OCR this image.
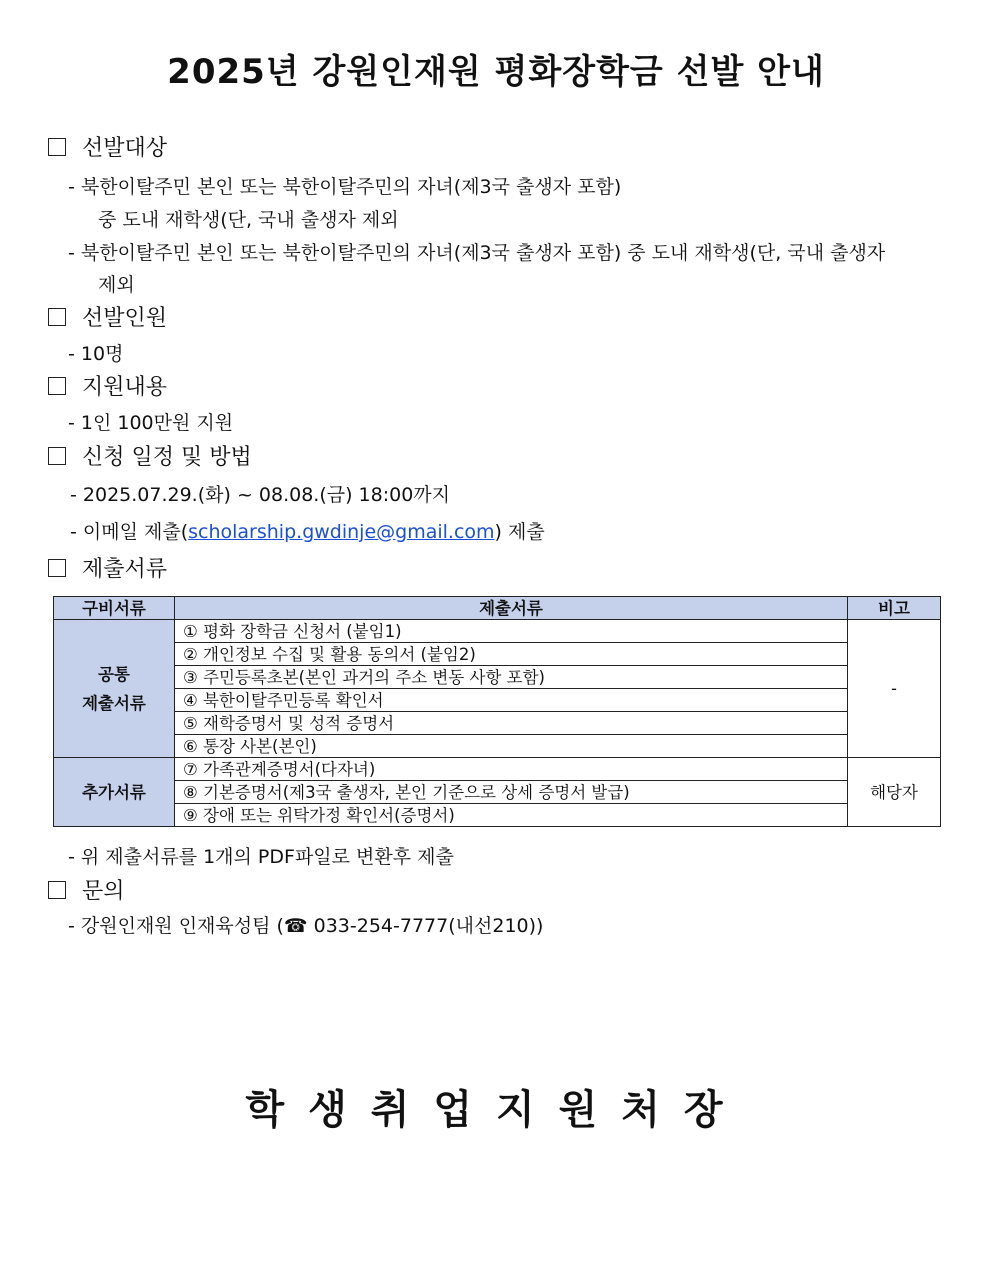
2025년 강원인재원 평화장학금 선발 안내
선발대상
- 북한이탈주민 본인 또는 북한이탈주민의 자녀(제3국 출생자 포함)
중 도내 재학생(단, 국내 출생자 제외
- 북한이탈주민 본인 또는 북한이탈주민의 자녀(제3국 출생자 포함) 중 도내 재학생(단, 국내 출생자
제외
선발인원
- 10명
지원내용
- 1인 100만원 지원
신청 일정 및 방법
- 2025.07.29.(화) ~ 08.08.(금) 18:00까지
- 이메일 제출(scholarship.gwdinje@gmail.com) 제출
제출서류
구비서류	제출서류	비고

공통
제출서류	① 평화 장학금 신청서 (붙임1)	-
	② 개인정보 수집 및 활용 동의서 (붙임2)	
	③ 주민등록초본(본인 과거의 주소 변동 사항 포함)	
	④ 북한이탈주민등록 확인서	
	⑤ 재학증명서 및 성적 증명서	
	⑥ 통장 사본(본인)	
추가서류	⑦ 가족관계증명서(다자녀)	해당자
	⑧ 기본증명서(제3국 출생자, 본인 기준으로 상세 증명서 발급)	
	⑨ 장애 또는 위탁가정 확인서(증명서)	
- 위 제출서류를 1개의 PDF파일로 변환후 제출
문의
- 강원인재원 인재육성팀 (☎ 033-254-7777(내선210))
학생취업지원처장
